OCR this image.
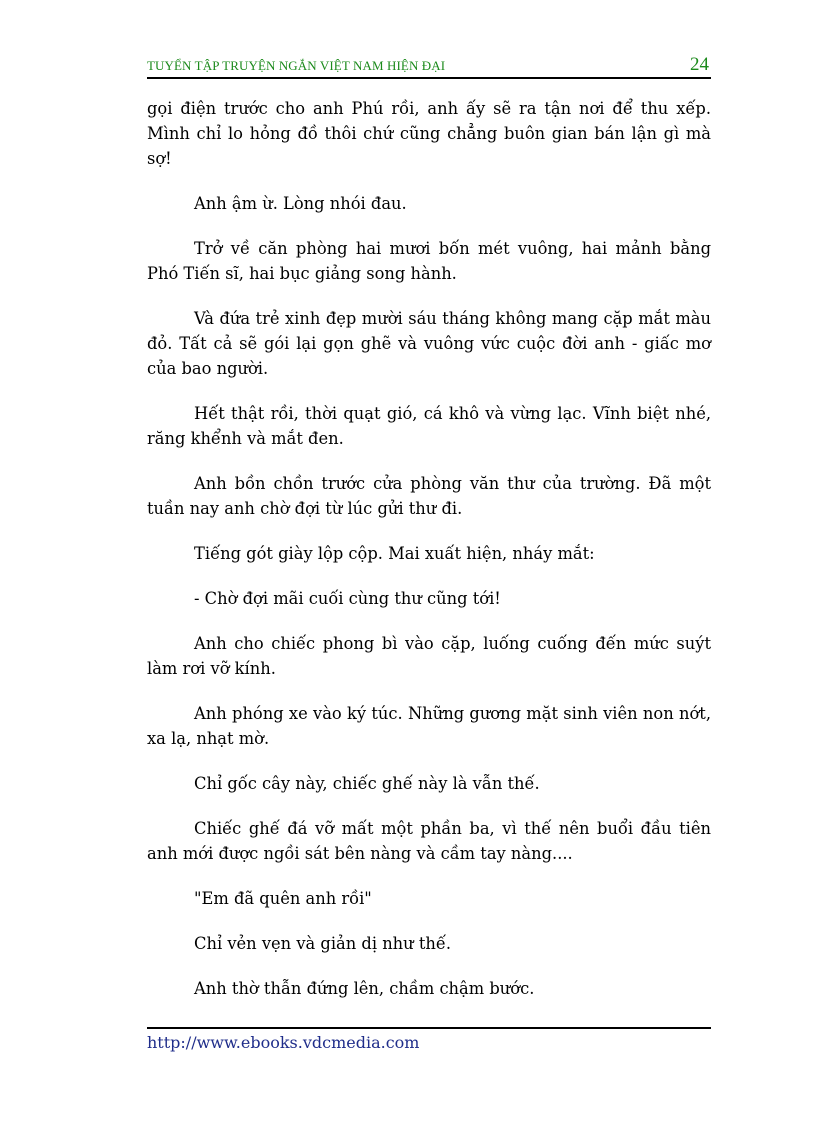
TUYỂN TẬP TRUYỆN NGẮN VIỆT NAM HIỆN ĐẠI	24

gọi điện trước cho anh Phú rồi, anh ấy sẽ ra tận nơi để thu xếp. Mình chỉ lo hỏng đồ thôi chứ cũng chẳng buôn gian bán lận gì mà sợ!

Anh ậm ừ. Lòng nhói đau.

Trở về căn phòng hai mươi bốn mét vuông, hai mảnh bằng Phó Tiến sĩ, hai bục giảng song hành.

Và đứa trẻ xinh đẹp mười sáu tháng không mang cặp mắt màu đỏ. Tất cả sẽ gói lại gọn ghẽ và vuông vức cuộc đời anh - giấc mơ của bao người.

Hết thật rồi, thời quạt gió, cá khô và vừng lạc. Vĩnh biệt nhé, răng khểnh và mắt đen.

Anh bồn chồn trước cửa phòng văn thư của trường. Đã một tuần nay anh chờ đợi từ lúc gửi thư đi.

Tiếng gót giày lộp cộp. Mai xuất hiện, nháy mắt:

- Chờ đợi mãi cuối cùng thư cũng tới!

Anh cho chiếc phong bì vào cặp, luống cuống đến mức suýt làm rơi vỡ kính.

Anh phóng xe vào ký túc. Những gương mặt sinh viên non nớt, xa lạ, nhạt mờ.

Chỉ gốc cây này, chiếc ghế này là vẫn thế.

Chiếc ghế đá vỡ mất một phần ba, vì thế nên buổi đầu tiên anh mới được ngồi sát bên nàng và cầm tay nàng....

"Em đã quên anh rồi"

Chỉ vẻn vẹn và giản dị như thế.

Anh thờ thẫn đứng lên, chầm chậm bước.

http://www.ebooks.vdcmedia.com
